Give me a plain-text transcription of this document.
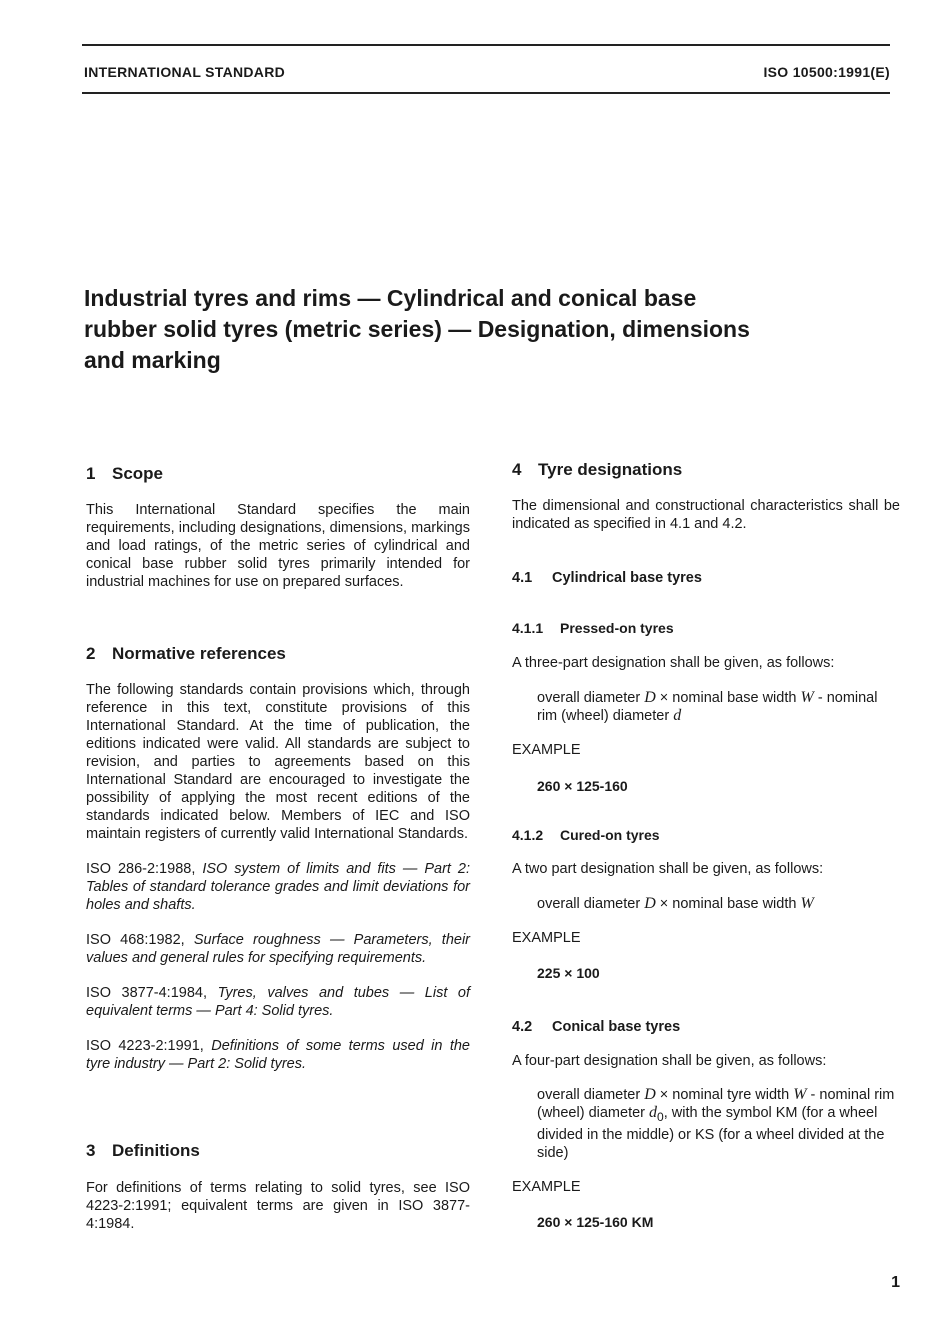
INTERNATIONAL STANDARD	ISO 10500:1991(E)
Industrial tyres and rims — Cylindrical and conical base
rubber solid tyres (metric series) — Designation, dimensions
and marking
1 Scope

This International Standard specifies the main requirements, including designations, dimensions, markings and load ratings, of the metric series of cylindrical and conical base rubber solid tyres primarily intended for industrial machines for use on prepared surfaces.

2 Normative references

The following standards contain provisions which, through reference in this text, constitute provisions of this International Standard. At the time of publication, the editions indicated were valid. All standards are subject to revision, and parties to agreements based on this International Standard are encouraged to investigate the possibility of applying the most recent editions of the standards indicated below. Members of IEC and ISO maintain registers of currently valid International Standards.

ISO 286-2:1988, ISO system of limits and fits — Part 2: Tables of standard tolerance grades and limit deviations for holes and shafts.
ISO 468:1982, Surface roughness — Parameters, their values and general rules for specifying requirements.
ISO 3877-4:1984, Tyres, valves and tubes — List of equivalent terms — Part 4: Solid tyres.
ISO 4223-2:1991, Definitions of some terms used in the tyre industry — Part 2: Solid tyres.
3 Definitions

For definitions of terms relating to solid tyres, see ISO 4223-2:1991; equivalent terms are given in ISO 3877-4:1984.

4 Tyre designations

The dimensional and constructional characteristics shall be indicated as specified in 4.1 and 4.2.

4.1 Cylindrical base tyres
4.1.1 Pressed-on tyres

A three-part designation shall be given, as follows:

overall diameter D × nominal base width W - nominal rim (wheel) diameter d

EXAMPLE

260 × 125-160

4.1.2 Cured-on tyres

A two part designation shall be given, as follows:

overall diameter D × nominal base width W

EXAMPLE

225 × 100

4.2 Conical base tyres

A four-part designation shall be given, as follows:

overall diameter D × nominal tyre width W - nominal rim (wheel) diameter $d_0$, with the symbol KM (for a wheel divided in the middle) or KS (for a wheel divided at the side)

EXAMPLE

260 × 125-160 KM

1
